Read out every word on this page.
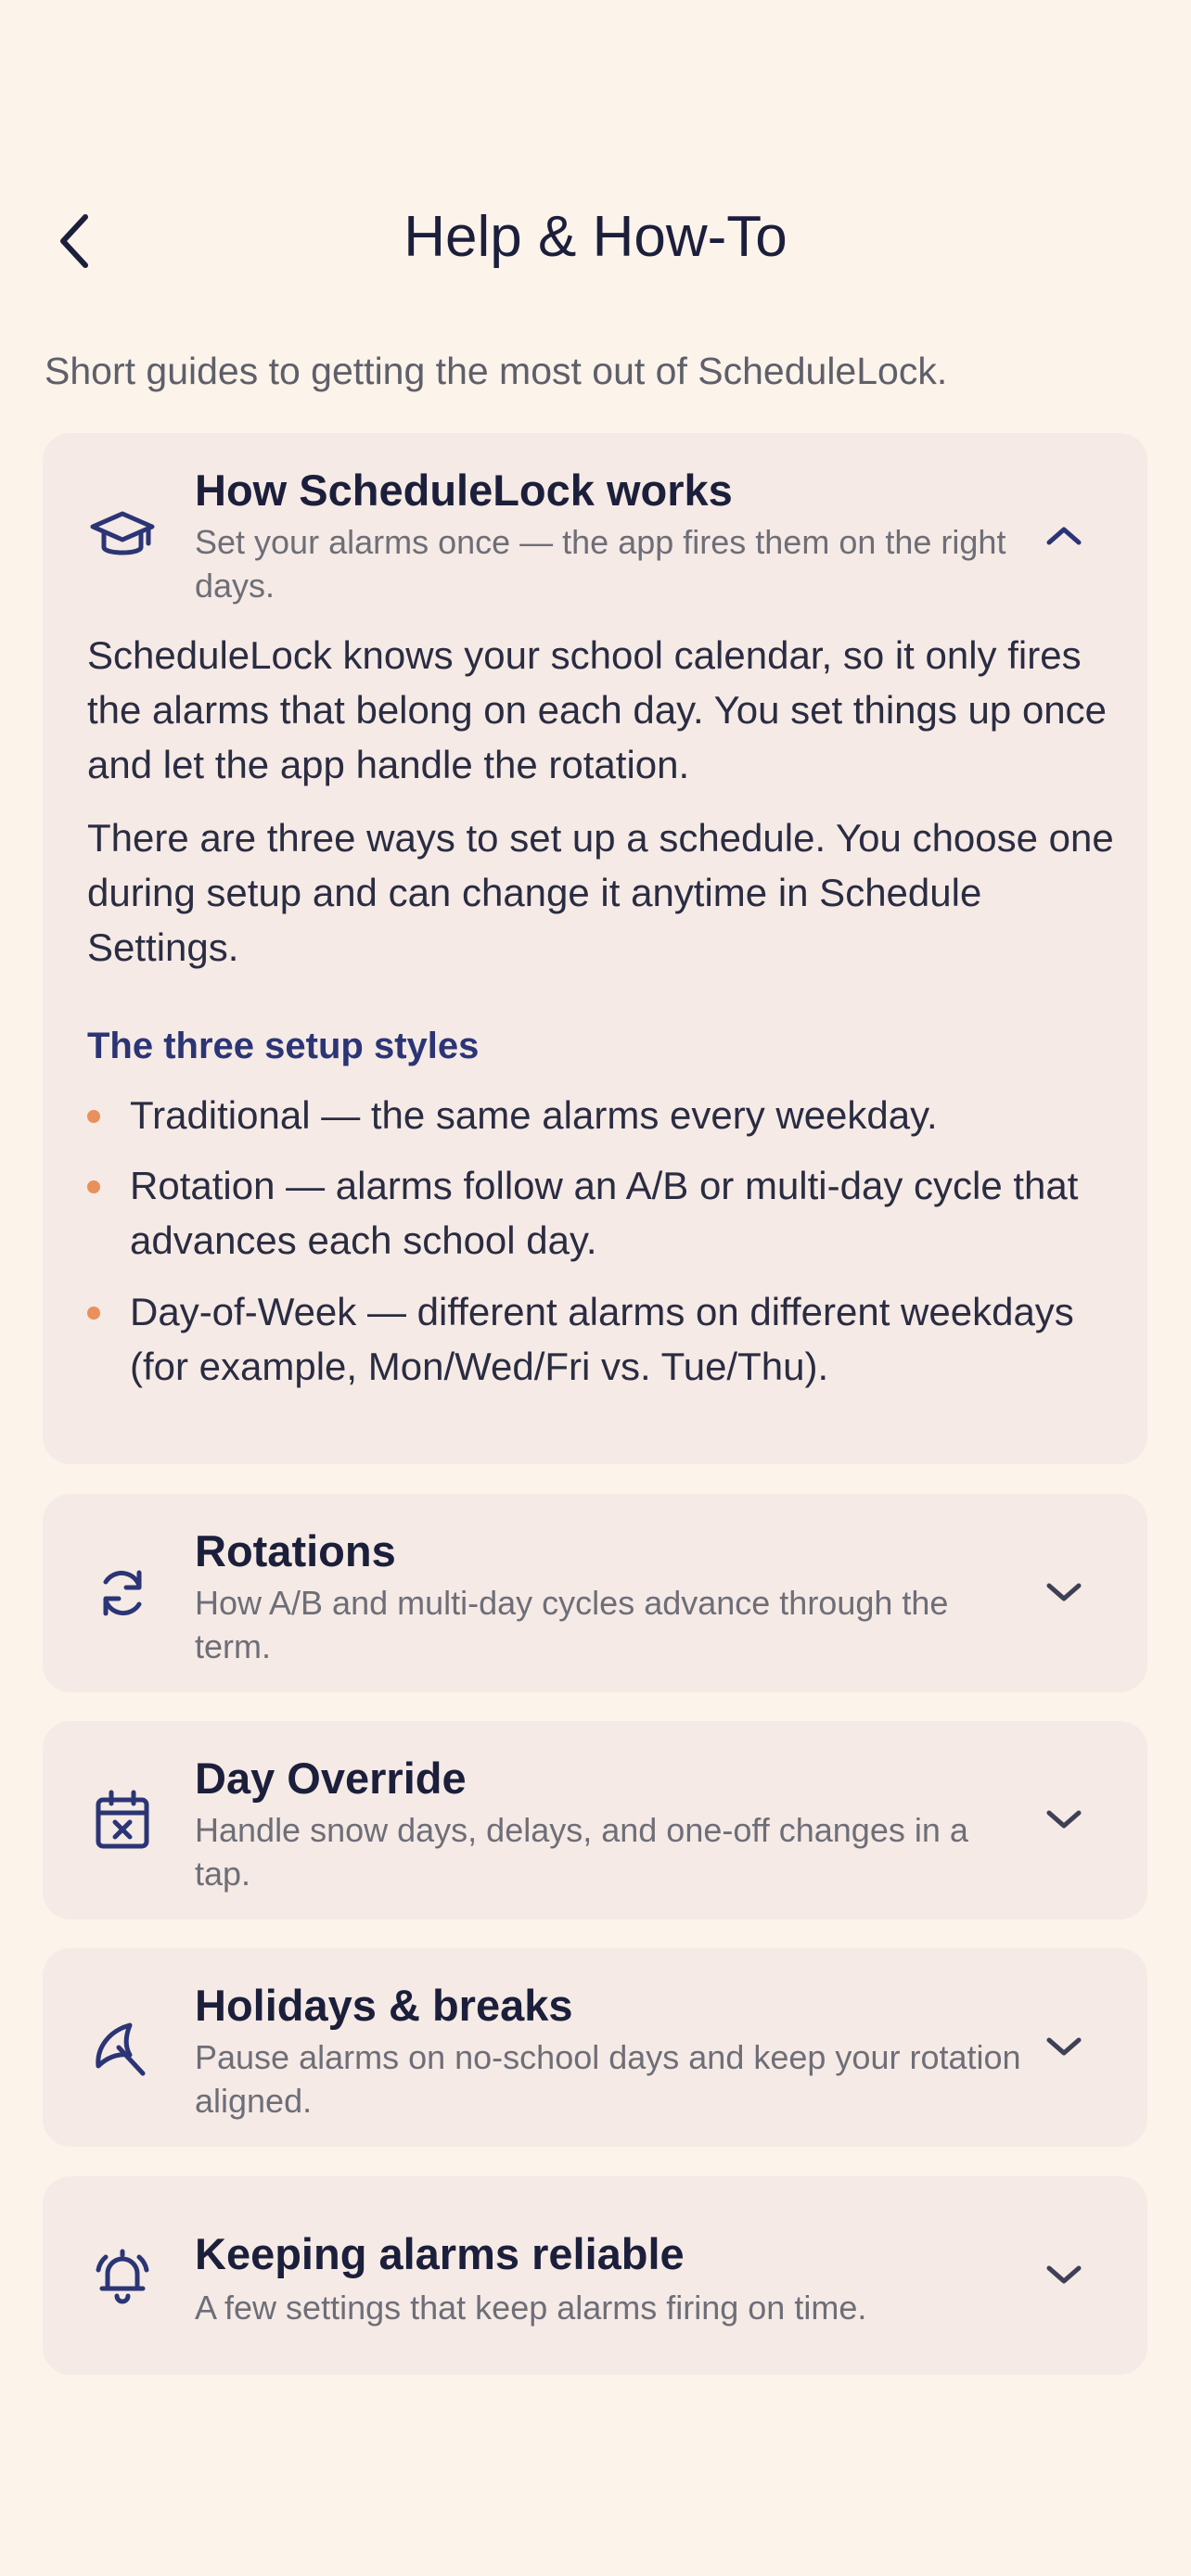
Help & How-To
Short guides to getting the most out of ScheduleLock.
How ScheduleLock works
Set your alarms once — the app fires them on the right days.
ScheduleLock knows your school calendar, so it only fires the alarms that belong on each day. You set things up once and let the app handle the rotation.
There are three ways to set up a schedule. You choose one during setup and can change it anytime in Schedule Settings.
The three setup styles
Traditional — the same alarms every weekday.
Rotation — alarms follow an A/B or multi-day cycle that advances each school day.
Day-of-Week — different alarms on different weekdays (for example, Mon/Wed/Fri vs. Tue/Thu).
Rotations
How A/B and multi-day cycles advance through the term.
Day Override
Handle snow days, delays, and one-off changes in a tap.
Holidays & breaks
Pause alarms on no-school days and keep your rotation aligned.
Keeping alarms reliable
A few settings that keep alarms firing on time.
